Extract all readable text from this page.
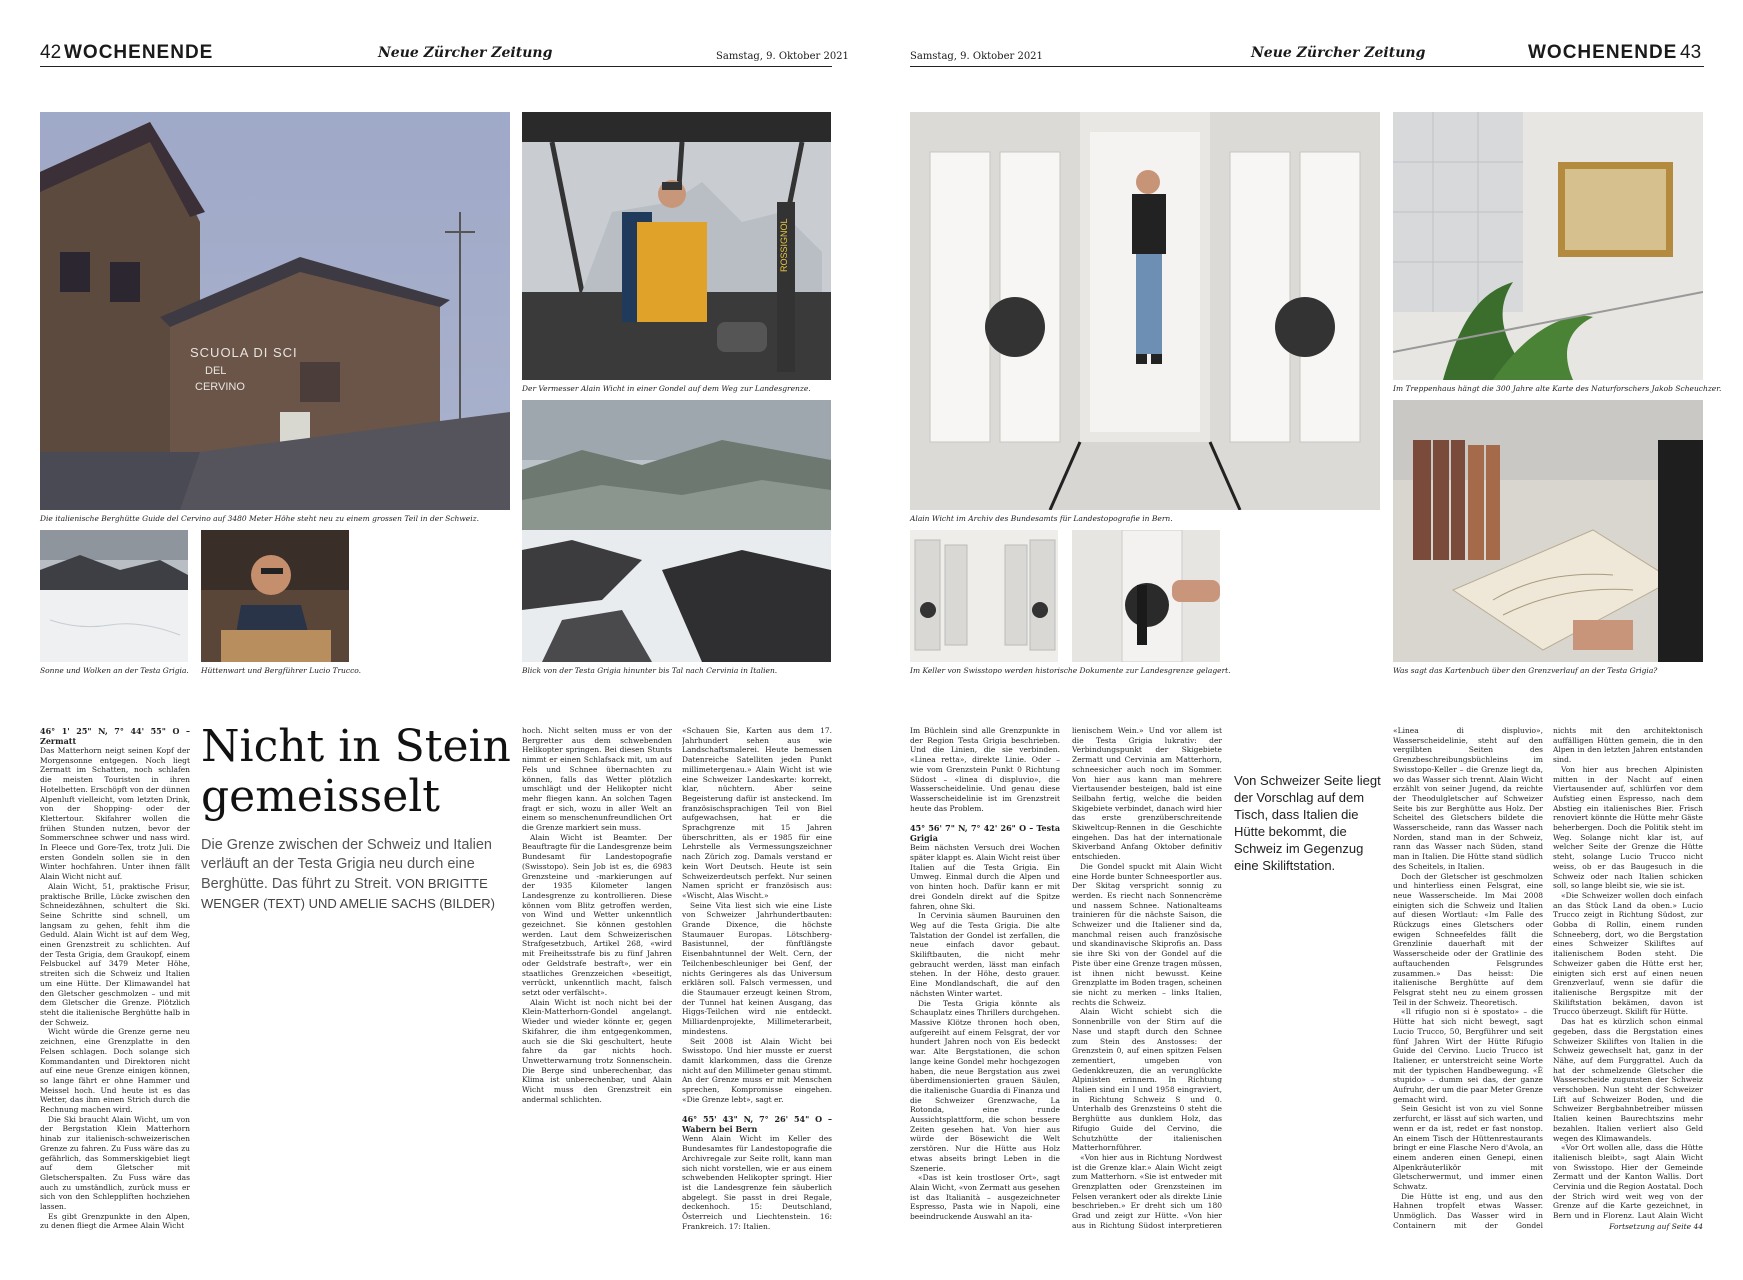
42 WOCHENENDE	Neue Zürcher Zeitung	Samstag, 9. Oktober 2021	Samstag, 9. Oktober 2021	Neue Zürcher Zeitung	WOCHENENDE 43
SCUOLA DI SCI
DEL
CERVINO
Die italienische Berghütte Guide del Cervino auf 3480 Meter Höhe steht neu zu einem grossen Teil in der Schweiz.
ROSSIGNOL
Der Vermesser Alain Wicht in einer Gondel auf dem Weg zur Landesgrenze.
Blick von der Testa Grigia hinunter bis Tal nach Cervinia in Italien.
Sonne und Wolken an der Testa Grigia. Hüttenwart und Bergführer Lucio Trucco.
Alain Wicht im Archiv des Bundesamts für Landestopografie in Bern.
Im Treppenhaus hängt die 300 Jahre alte Karte des Naturforschers Jakob Scheuchzer.
Was sagt das Kartenbuch über den Grenzverlauf an der Testa Grigia?
Im Keller von Swisstopo werden historische Dokumente zur Landesgrenze gelagert.

46° 1' 25" N, 7° 44' 55" O – Zermatt

Das Matterhorn neigt seinen Kopf der Morgensonne entgegen. Noch liegt Zermatt im Schatten, noch schlafen die meisten Touristen in ihren Hotelbetten. Erschöpft von der dünnen Alpenluft vielleicht, vom letzten Drink, von der Shopping- oder der Klettertour. Skifahrer wollen die frühen Stunden nutzen, bevor der Sommerschnee schwer und nass wird. In Fleece und Gore-Tex, trotz Juli. Die ersten Gondeln sollen sie in den Winter hochfahren. Unter ihnen fällt Alain Wicht nicht auf.

Alain Wicht, 51, praktische Frisur, praktische Brille, Lücke zwischen den Schneidezähnen, schultert die Ski. Seine Schritte sind schnell, um langsam zu gehen, fehlt ihm die Geduld. Alain Wicht ist auf dem Weg, einen Grenzstreit zu schlichten. Auf der Testa Grigia, dem Graukopf, einem Felsbuckel auf 3479 Meter Höhe, streiten sich die Schweiz und Italien um eine Hütte. Der Klimawandel hat den Gletscher geschmolzen – und mit dem Gletscher die Grenze. Plötzlich steht die italienische Berghütte halb in der Schweiz.

Wicht würde die Grenze gerne neu zeichnen, eine Grenzplatte in den Felsen schlagen. Doch solange sich Kommandanten und Direktoren nicht auf eine neue Grenze einigen können, so lange fährt er ohne Hammer und Meissel hoch. Und heute ist es das Wetter, das ihm einen Strich durch die Rechnung machen wird.

Die Ski braucht Alain Wicht, um von der Bergstation Klein Matterhorn hinab zur italienisch-schweizerischen Grenze zu fahren. Zu Fuss wäre das zu gefährlich, das Sommerskigebiet liegt auf dem Gletscher mit Gletscherspalten. Zu Fuss wäre das auch zu umständlich, zurück muss er sich von den Schleppliften hochziehen lassen.

Es gibt Grenzpunkte in den Alpen, zu denen fliegt die Armee Alain Wicht

Nicht in Stein gemeisselt
Die Grenze zwischen der Schweiz und Italien verläuft an der Testa Grigia neu durch eine Berghütte. Das führt zu Streit. VON BRIGITTE WENGER (TEXT) UND AMELIE SACHS (BILDER)

hoch. Nicht selten muss er von der Bergretter aus dem schwebenden Helikopter springen. Bei diesen Stunts nimmt er einen Schlafsack mit, um auf Fels und Schnee übernachten zu können, falls das Wetter plötzlich umschlägt und der Helikopter nicht mehr fliegen kann. An solchen Tagen fragt er sich, wozu in aller Welt an einem so menschenunfreundlichen Ort die Grenze markiert sein muss.

Alain Wicht ist Beamter. Der Beauftragte für die Landesgrenze beim Bundesamt für Landestopografie (Swisstopo). Sein Job ist es, die 6983 Grenzsteine und -markierungen auf der 1935 Kilometer langen Landesgrenze zu kontrollieren. Diese können vom Blitz getroffen werden, von Wind und Wetter unkenntlich gezeichnet. Sie können gestohlen werden. Laut dem Schweizerischen Strafgesetzbuch, Artikel 268, «wird mit Freiheitsstrafe bis zu fünf Jahren oder Geldstrafe bestraft», wer ein staatliches Grenzzeichen «beseitigt, verrückt, unkenntlich macht, falsch setzt oder verfälscht».

Alain Wicht ist noch nicht bei der Klein-Matterhorn-Gondel angelangt. Wieder und wieder könnte er, gegen Skifahrer, die ihm entgegenkommen, auch sie die Ski geschultert, heute fahre da gar nichts hoch. Unwetterwarnung trotz Sonnenschein. Die Berge sind unberechenbar, das Klima ist unberechenbar, und Alain Wicht muss den Grenzstreit ein andermal schlichten.

«Schauen Sie, Karten aus dem 17. Jahrhundert sehen aus wie Landschaftsmalerei. Heute bemessen Datenreiche Satelliten jeden Punkt millimetergenau.» Alain Wicht ist wie eine Schweizer Landeskarte: korrekt, klar, nüchtern. Aber seine Begeisterung dafür ist ansteckend. Im französischsprachigen Teil von Biel aufgewachsen, hat er die Sprachgrenze mit 15 Jahren überschritten, als er 1985 für eine Lehrstelle als Vermessungszeichner nach Zürich zog. Damals verstand er kein Wort Deutsch. Heute ist sein Schweizerdeutsch perfekt. Nur seinen Namen spricht er französisch aus: «Wischt, Alas Wischt.»

Seine Vita liest sich wie eine Liste von Schweizer Jahrhundertbauten: Grande Dixence, die höchste Staumauer Europas. Lötschberg-Basistunnel, der fünftlängste Eisenbahntunnel der Welt. Cern, der Teilchenbeschleuniger bei Genf, der nichts Geringeres als das Universum erklären soll. Falsch vermessen, und die Staumauer erzeugt keinen Strom, der Tunnel hat keinen Ausgang, das Higgs-Teilchen wird nie entdeckt. Milliardenprojekte, Millimeterarbeit, mindestens.

Seit 2008 ist Alain Wicht bei Swisstopo. Und hier musste er zuerst damit klarkommen, dass die Grenze nicht auf den Millimeter genau stimmt. An der Grenze muss er mit Menschen sprechen, Kompromisse eingehen. «Die Grenze lebt», sagt er.

46° 55' 43" N, 7° 26' 54" O – Wabern bei Bern

Wenn Alain Wicht im Keller des Bundesamtes für Landestopografie die Archivregale zur Seite rollt, kann man sich nicht vorstellen, wie er aus einem schwebenden Helikopter springt. Hier ist die Landesgrenze fein säuberlich abgelegt. Sie passt in drei Regale, deckenhoch. 15: Deutschland, Österreich und Liechtenstein. 16: Frankreich. 17: Italien.

Im Büchlein sind alle Grenzpunkte in der Region Testa Grigia beschrieben. Und die Linien, die sie verbinden. «Linea retta», direkte Linie. Oder – wie vom Grenzstein Punkt 0 Richtung Südost – «linea di displuvio», die Wasserscheidelinie. Und genau diese Wasserscheidelinie ist im Grenzstreit heute das Problem.

45° 56' 7" N, 7° 42' 26" O – Testa Grigia

Beim nächsten Versuch drei Wochen später klappt es. Alain Wicht reist über Italien auf die Testa Grigia. Ein Umweg. Einmal durch die Alpen und von hinten hoch. Dafür kann er mit drei Gondeln direkt auf die Spitze fahren, ohne Ski.

In Cervinia säumen Bauruinen den Weg auf die Testa Grigia. Die alte Talstation der Gondel ist zerfallen, die neue einfach davor gebaut. Skiliftbauten, die nicht mehr gebraucht werden, lässt man einfach stehen. In der Höhe, desto grauer. Eine Mondlandschaft, die auf den nächsten Winter wartet.

Die Testa Grigia könnte als Schauplatz eines Thrillers durchgehen. Massive Klötze thronen hoch oben, aufgereiht auf einem Felsgrat, der vor hundert Jahren noch von Eis bedeckt war. Alte Bergstationen, die schon lange keine Gondel mehr hochgezogen haben, die neue Bergstation aus zwei überdimensionierten grauen Säulen, die italienische Guardia di Finanza und die Schweizer Grenzwache, La Rotonda, eine runde Aussichtsplattform, die schon bessere Zeiten gesehen hat. Von hier aus würde der Bösewicht die Welt zerstören. Nur die Hütte aus Holz etwas abseits bringt Leben in die Szenerie.

«Das ist kein trostloser Ort», sagt Alain Wicht, «von Zermatt aus gesehen ist das Italianità – ausgezeichneter Espresso, Pasta wie in Napoli, eine beeindruckende Auswahl an ita-

lienischem Wein.» Und vor allem ist die Testa Grigia lukrativ: der Verbindungspunkt der Skigebiete Zermatt und Cervinia am Matterhorn, schneesicher auch noch im Sommer. Von hier aus kann man mehrere Viertausender besteigen, bald ist eine Seilbahn fertig, welche die beiden Skigebiete verbindet, danach wird hier das erste grenzüberschreitende Skiweltcup-Rennen in die Geschichte eingehen. Das hat der internationale Skiverband Anfang Oktober definitiv entschieden.

Die Gondel spuckt mit Alain Wicht eine Horde bunter Schneesportler aus. Der Skitag verspricht sonnig zu werden. Es riecht nach Sonnencrème und nassem Schnee. Nationalteams trainieren für die nächste Saison, die Schweizer und die Italiener sind da, manchmal reisen auch französische und skandinavische Skiprofis an. Dass sie ihre Ski von der Gondel auf die Piste über eine Grenze tragen müssen, ist ihnen nicht bewusst. Keine Grenzplatte im Boden tragen, scheinen sie nicht zu merken – links Italien, rechts die Schweiz.

Alain Wicht schiebt sich die Sonnenbrille von der Stirn auf die Nase und stapft durch den Schnee zum Stein des Anstosses: der Grenzstein 0, auf einen spitzen Felsen zementiert, umgeben von Gedenkkreuzen, die an verunglückte Alpinisten erinnern. In Richtung Italien sind ein I und 1958 eingraviert, in Richtung Schweiz S und 0. Unterhalb des Grenzsteins 0 steht die Berghütte aus dunklem Holz, das Rifugio Guide del Cervino, die Schutzhütte der italienischen Matterhornführer.

«Von hier aus in Richtung Nordwest ist die Grenze klar.» Alain Wicht zeigt zum Matterhorn. «Sie ist entweder mit Grenzplatten oder Grenzsteinen im Felsen verankert oder als direkte Linie beschrieben.» Er dreht sich um 180 Grad und zeigt zur Hütte. «Von hier aus in Richtung Südost interpretieren

Von Schweizer Seite liegt der Vorschlag auf dem Tisch, dass Italien die Hütte bekommt, die Schweiz im Gegenzug eine Skiliftstation.

«Linea di displuvio», Wasserscheidelinie, steht auf den vergilbten Seiten des Grenzbeschreibungsbüchleins im Swisstopo-Keller – die Grenze liegt da, wo das Wasser sich trennt. Alain Wicht erzählt von seiner Jugend, da reichte der Theodulgletscher auf Schweizer Seite bis zur Berghütte aus Holz. Der Scheitel des Gletschers bildete die Wasserscheide, rann das Wasser nach Norden, stand man in der Schweiz, rann das Wasser nach Süden, stand man in Italien. Die Hütte stand südlich des Scheitels, in Italien.

Doch der Gletscher ist geschmolzen und hinterliess einen Felsgrat, eine neue Wasserscheide. Im Mai 2008 einigten sich die Schweiz und Italien auf diesen Wortlaut: «Im Falle des Rückzugs eines Gletschers oder ewigen Schneefeldes fällt die Grenzlinie dauerhaft mit der Wasserscheide oder der Gratlinie des auftauchenden Felsgrundes zusammen.» Das heisst: Die italienische Berghütte auf dem Felsgrat steht neu zu einem grossen Teil in der Schweiz. Theoretisch.

«Il rifugio non si è spostato» – die Hütte hat sich nicht bewegt, sagt Lucio Trucco, 50, Bergführer und seit fünf Jahren Wirt der Hütte Rifugio Guide del Cervino. Lucio Trucco ist Italiener, er unterstreicht seine Worte mit der typischen Handbewegung. «È stupido» – dumm sei das, der ganze Aufruhr, der um die paar Meter Grenze gemacht wird.

Sein Gesicht ist von zu viel Sonne zerfurcht, er lässt auf sich warten, und wenn er da ist, redet er fast nonstop. An einem Tisch der Hüttenrestaurants bringt er eine Flasche Nero d'Avola, an einem anderen einen Genepi, einen Alpenkräuterlikör mit Gletscherwermut, und immer einen Schwatz.

Die Hütte ist eng, und aus den Hahnen tropfelt etwas Wasser. Unmöglich. Das Wasser wird in Containern mit der Gondel

nichts mit den architektonisch auffälligen Hütten gemein, die in den Alpen in den letzten Jahren entstanden sind.

Von hier aus brechen Alpinisten mitten in der Nacht auf einen Viertausender auf, schlürfen vor dem Aufstieg einen Espresso, nach dem Abstieg ein italienisches Bier. Frisch renoviert könnte die Hütte mehr Gäste beherbergen. Doch die Politik steht im Weg. Solange nicht klar ist, auf welcher Seite der Grenze die Hütte steht, solange Lucio Trucco nicht weiss, ob er das Baugesuch in die Schweiz oder nach Italien schicken soll, so lange bleibt sie, wie sie ist.

«Die Schweizer wollen doch einfach an das Stück Land da oben.» Lucio Trucco zeigt in Richtung Südost, zur Gobba di Rollin, einem runden Schneeberg, dort, wo die Bergstation eines Schweizer Skiliftes auf italienischem Boden steht. Die Schweizer gaben die Hütte erst her, einigten sich erst auf einen neuen Grenzverlauf, wenn sie dafür die italienische Bergspitze mit der Skiliftstation bekämen, davon ist Trucco überzeugt. Skilift für Hütte.

Das hat es kürzlich schon einmal gegeben, dass die Bergstation eines Schweizer Skiliftes von Italien in die Schweiz gewechselt hat, ganz in der Nähe, auf dem Furggrattel. Auch da hat der schmelzende Gletscher die Wasserscheide zugunsten der Schweiz verschoben. Nun steht der Schweizer Lift auf Schweizer Boden, und die Schweizer Bergbahnbetreiber müssen Italien keinen Baurechtszins mehr bezahlen. Italien verliert also Geld wegen des Klimawandels.

«Vor Ort wollen alle, dass die Hütte italienisch bleibt», sagt Alain Wicht von Swisstopo. Hier der Gemeinde Zermatt und der Kanton Wallis. Dort Cervinia und die Region Aostatal. Doch der Strich wird weit weg von der Grenze auf die Karte gezeichnet, in Bern und in Florenz. Laut Alain Wicht

Fortsetzung auf Seite 44
